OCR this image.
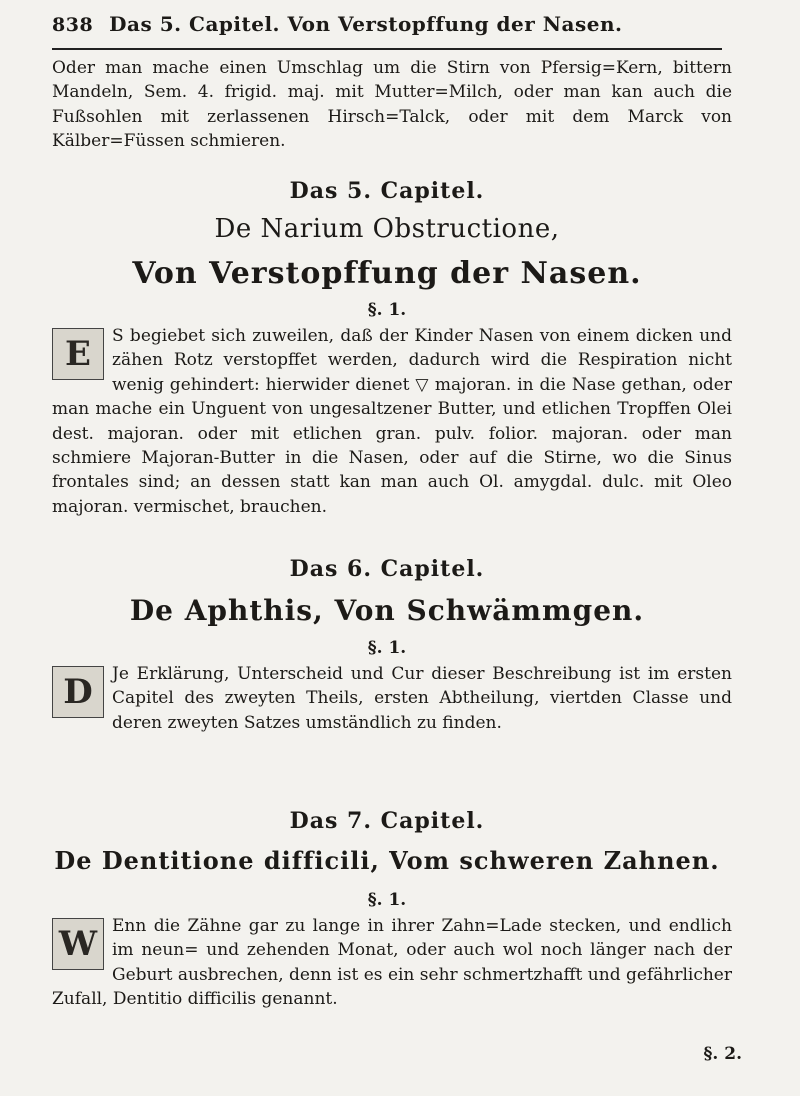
838 Das 5. Capitel. Von Verstopffung der Nasen.
Oder man mache einen Umschlag um die Stirn von Pfersig=Kern, bittern Mandeln, Sem. 4. frigid. maj. mit Mutter=Milch, oder man kan auch die Fußsohlen mit zerlassenen Hirsch=Talck, oder mit dem Marck von Kälber=Füssen schmieren.
Das 5. Capitel.
De Narium Obstructione,
Von Verstopffung der Nasen.
§. 1.
E	S begiebet sich zuweilen, daß der Kinder Nasen von einem dicken und zähen Rotz verstopffet werden, dadurch wird die Respiration nicht wenig gehindert: hierwider dienet ▽ majoran. in die Nase gethan, oder man mache ein Unguent von ungesaltzener Butter, und etlichen Tropffen Olei dest. majoran. oder mit etlichen gran. pulv. folior. majoran. oder man schmiere Majoran-Butter in die Nasen, oder auf die Stirne, wo die Sinus frontales sind; an dessen statt kan man auch Ol. amygdal. dulc. mit Oleo majoran. vermischet, brauchen.
Das 6. Capitel.
De Aphthis, Von Schwämmgen.
§. 1.
D	Je Erklärung, Unterscheid und Cur dieser Beschreibung ist im ersten Capitel des zweyten Theils, ersten Abtheilung, viertden Classe und deren zweyten Satzes umständlich zu finden.
Das 7. Capitel.
De Dentitione difficili, Vom schweren Zahnen.
§. 1.
W Enn die Zähne gar zu lange in ihrer Zahn=Lade stecken, und endlich im neun= und zehenden Monat, oder auch wol noch länger nach der Geburt ausbrechen, denn ist es ein sehr schmertzhafft und gefährlicher Zufall, Dentitio difficilis genannt.
§. 2.
